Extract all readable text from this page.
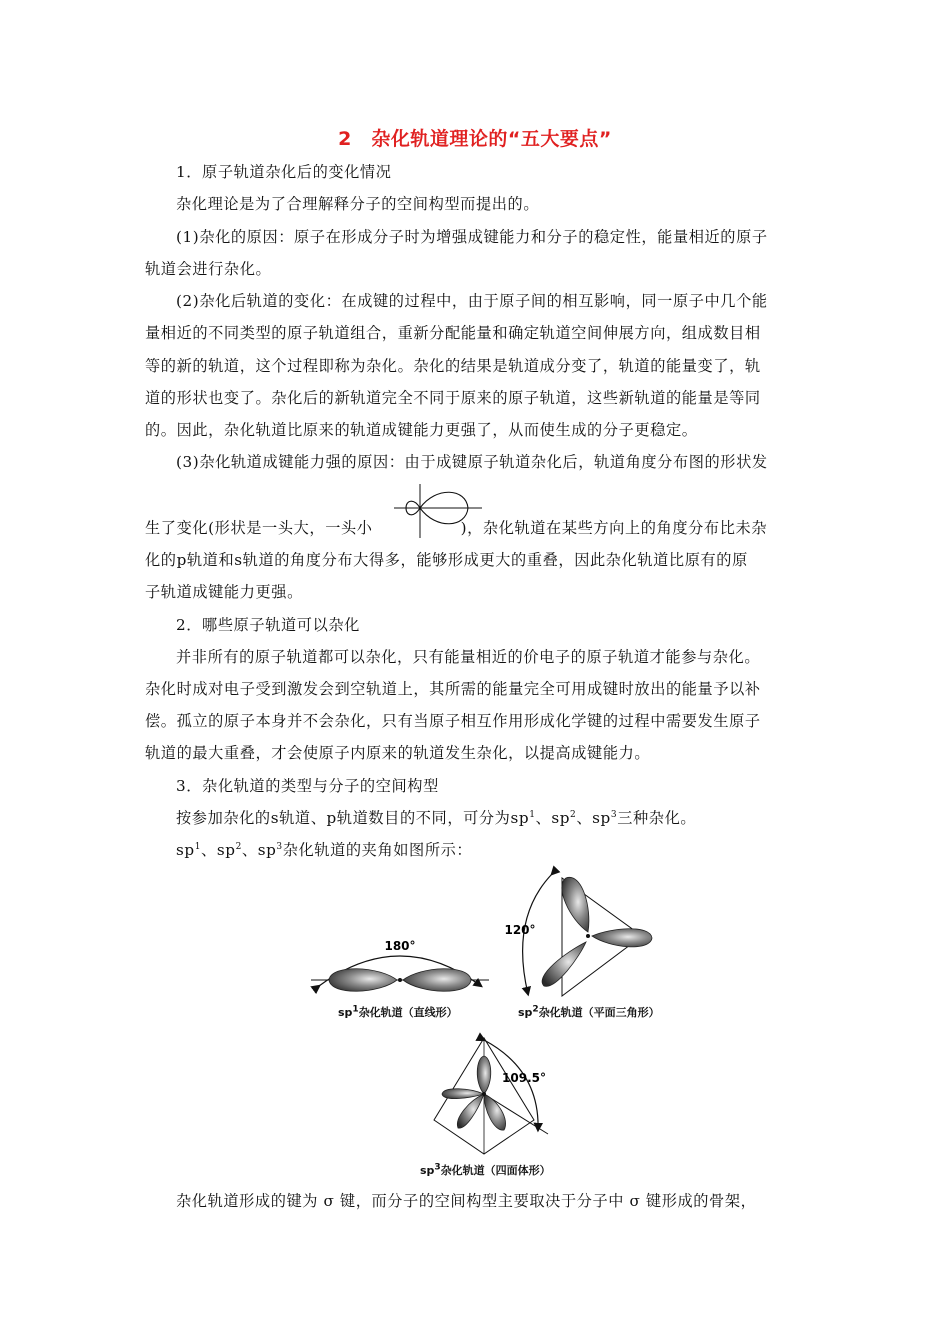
2　杂化轨道理论的“五大要点”

1．原子轨道杂化后的变化情况

杂化理论是为了合理解释分子的空间构型而提出的。

(1)杂化的原因：原子在形成分子时为增强成键能力和分子的稳定性，能量相近的原子

轨道会进行杂化。

(2)杂化后轨道的变化：在成键的过程中，由于原子间的相互影响，同一原子中几个能

量相近的不同类型的原子轨道组合，重新分配能量和确定轨道空间伸展方向，组成数目相

等的新的轨道，这个过程即称为杂化。杂化的结果是轨道成分变了，轨道的能量变了，轨

道的形状也变了。杂化后的新轨道完全不同于原来的原子轨道，这些新轨道的能量是等同

的。因此，杂化轨道比原来的轨道成键能力更强了，从而使生成的分子更稳定。

(3)杂化轨道成键能力强的原因：由于成键原子轨道杂化后，轨道角度分布图的形状发

生了变化(形状是一头大，一头小	)，杂化轨道在某些方向上的角度分布比未杂

化的p轨道和s轨道的角度分布大得多，能够形成更大的重叠，因此杂化轨道比原有的原

子轨道成键能力更强。

2．哪些原子轨道可以杂化

并非所有的原子轨道都可以杂化，只有能量相近的价电子的原子轨道才能参与杂化。

杂化时成对电子受到激发会到空轨道上，其所需的能量完全可用成键时放出的能量予以补

偿。孤立的原子本身并不会杂化，只有当原子相互作用形成化学键的过程中需要发生原子

轨道的最大重叠，才会使原子内原来的轨道发生杂化，以提高成键能力。

3．杂化轨道的类型与分子的空间构型

按参加杂化的s轨道、p轨道数目的不同，可分为$sp^1$、$sp^2$、$sp^3$三种杂化。

$sp^1$、$sp^2$、$sp^3$杂化轨道的夹角如图所示：

180°
$sp^1$杂化轨道（直线形）
120°
$sp^2$杂化轨道（平面三角形）
109.5°
$sp^3$杂化轨道（四面体形）

杂化轨道形成的键为 σ 键，而分子的空间构型主要取决于分子中 σ 键形成的骨架，
